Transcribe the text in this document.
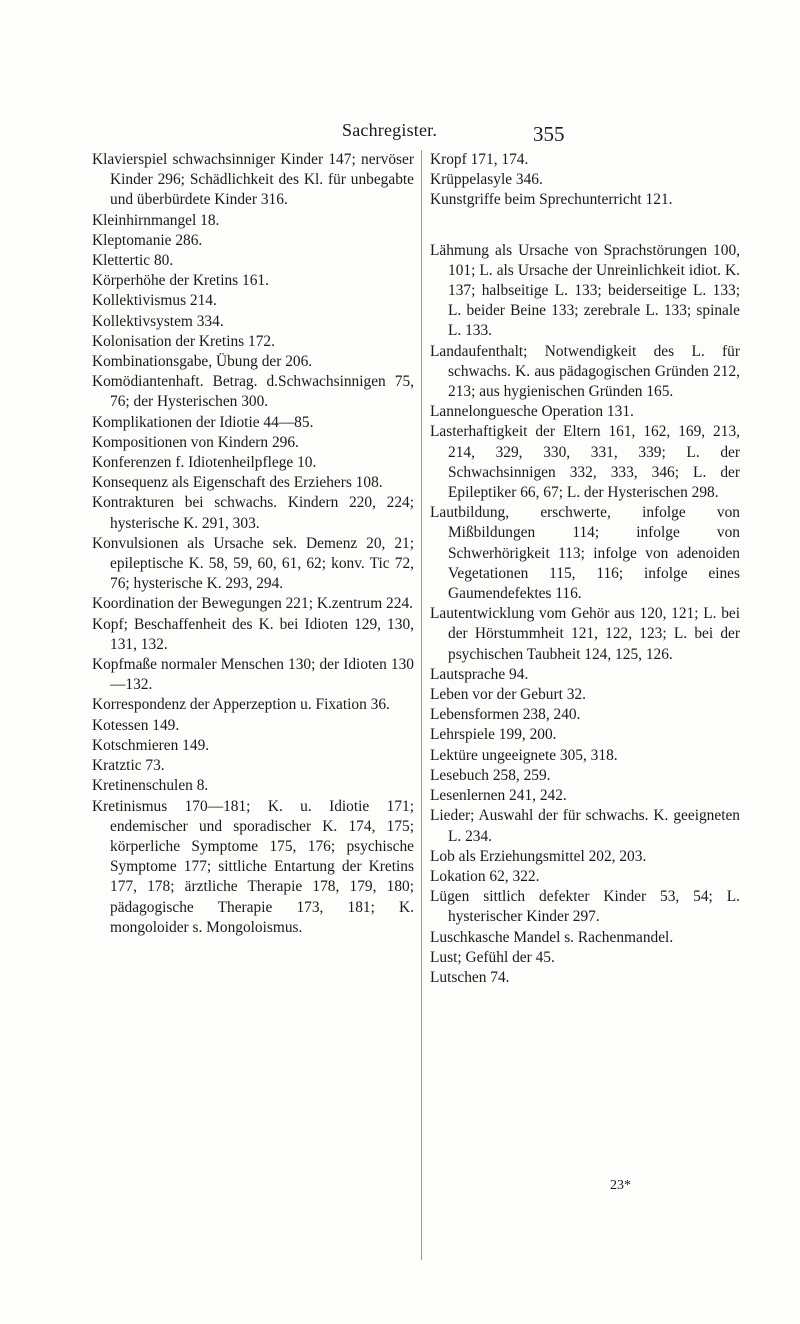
Sachregister.	355

Klavierspiel schwachsinniger Kinder 147; nervöser Kinder 296; Schädlichkeit des Kl. für unbegabte und überbürdete Kinder 316.

Kleinhirnmangel 18.

Kleptomanie 286.

Klettertic 80.

Körperhöhe der Kretins 161.

Kollektivismus 214.

Kollektivsystem 334.

Kolonisation der Kretins 172.

Kombinationsgabe, Übung der 206.

Komödiantenhaft. Betrag. d.Schwachsinnigen 75, 76; der Hysterischen 300.

Komplikationen der Idiotie 44—85.

Kompositionen von Kindern 296.

Konferenzen f. Idiotenheilpflege 10.

Konsequenz als Eigenschaft des Erziehers 108.

Kontrakturen bei schwachs. Kindern 220, 224; hysterische K. 291, 303.

Konvulsionen als Ursache sek. Demenz 20, 21; epileptische K. 58, 59, 60, 61, 62; konv. Tic 72, 76; hysterische K. 293, 294.

Koordination der Bewegungen 221; K.zentrum 224.

Kopf; Beschaffenheit des K. bei Idioten 129, 130, 131, 132.

Kopfmaße normaler Menschen 130; der Idioten 130—132.

Korrespondenz der Apperzeption u. Fixation 36.

Kotessen 149.

Kotschmieren 149.

Kratztic 73.

Kretinenschulen 8.

Kretinismus 170—181; K. u. Idiotie 171; endemischer und sporadischer K. 174, 175; körperliche Symptome 175, 176; psychische Symptome 177; sittliche Entartung der Kretins 177, 178; ärztliche Therapie 178, 179, 180; pädagogische Therapie 173, 181; K. mongoloider s. Mongoloismus.

Kropf 171, 174.

Krüppelasyle 346.

Kunstgriffe beim Sprechunterricht 121.

Lähmung als Ursache von Sprachstörungen 100, 101; L. als Ursache der Unreinlichkeit idiot. K. 137; halbseitige L. 133; beiderseitige L. 133; L. beider Beine 133; zerebrale L. 133; spinale L. 133.

Landaufenthalt; Notwendigkeit des L. für schwachs. K. aus pädagogischen Gründen 212, 213; aus hygienischen Gründen 165.

Lannelonguesche Operation 131.

Lasterhaftigkeit der Eltern 161, 162, 169, 213, 214, 329, 330, 331, 339; L. der Schwachsinnigen 332, 333, 346; L. der Epileptiker 66, 67; L. der Hysterischen 298.

Lautbildung, erschwerte, infolge von Mißbildungen 114; infolge von Schwerhörigkeit 113; infolge von adenoiden Vegetationen 115, 116; infolge eines Gaumendefektes 116.

Lautentwicklung vom Gehör aus 120, 121; L. bei der Hörstummheit 121, 122, 123; L. bei der psychischen Taubheit 124, 125, 126.

Lautsprache 94.

Leben vor der Geburt 32.

Lebensformen 238, 240.

Lehrspiele 199, 200.

Lektüre ungeeignete 305, 318.

Lesebuch 258, 259.

Lesenlernen 241, 242.

Lieder; Auswahl der für schwachs. K. geeigneten L. 234.

Lob als Erziehungsmittel 202, 203.

Lokation 62, 322.

Lügen sittlich defekter Kinder 53, 54; L. hysterischer Kinder 297.

Luschkasche Mandel s. Rachenmandel.

Lust; Gefühl der 45.

Lutschen 74.

23*
